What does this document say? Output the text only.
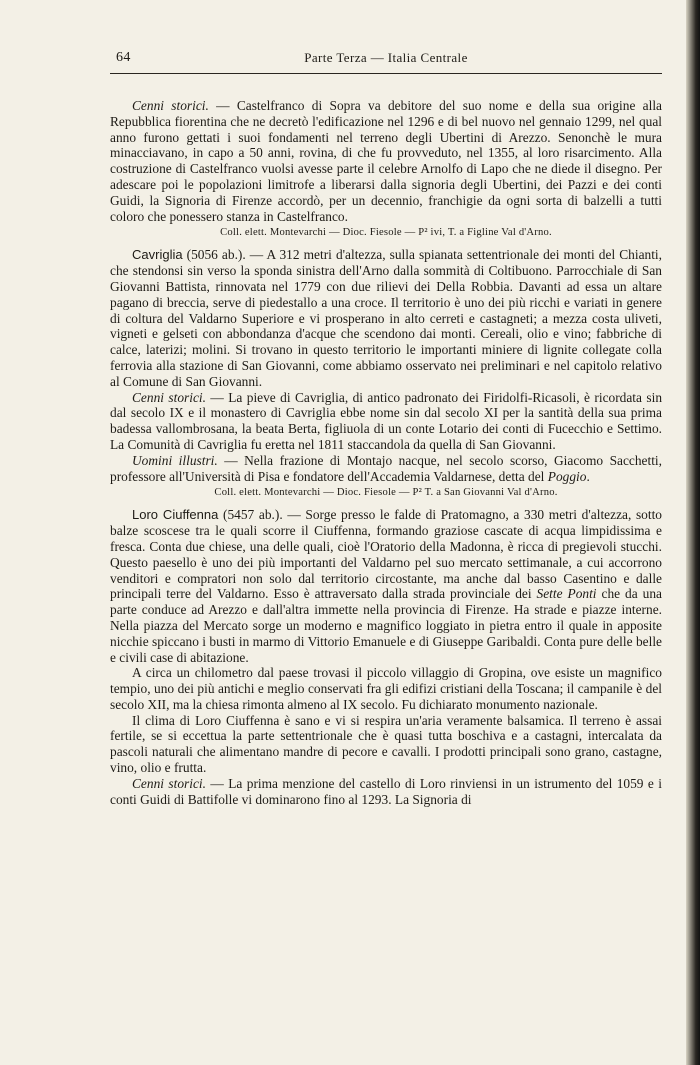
64	Parte Terza — Italia Centrale

Cenni storici. — Castelfranco di Sopra va debitore del suo nome e della sua origine alla Repubblica fiorentina che ne decretò l'edificazione nel 1296 e di bel nuovo nel gennaio 1299, nel qual anno furono gettati i suoi fondamenti nel terreno degli Ubertini di Arezzo. Senonchè le mura minacciavano, in capo a 50 anni, rovina, di che fu provveduto, nel 1355, al loro risarcimento. Alla costruzione di Castelfranco vuolsi avesse parte il celebre Arnolfo di Lapo che ne diede il disegno. Per adescare poi le popolazioni limitrofe a liberarsi dalla signoria degli Ubertini, dei Pazzi e dei conti Guidi, la Signoria di Firenze accordò, per un decennio, franchigie da ogni sorta di balzelli a tutti coloro che ponessero stanza in Castelfranco.

Coll. elett. Montevarchi — Dioc. Fiesole — P² ivi, T. a Figline Val d'Arno.

Cavriglia (5056 ab.). — A 312 metri d'altezza, sulla spianata settentrionale dei monti del Chianti, che stendonsi sin verso la sponda sinistra dell'Arno dalla sommità di Coltibuono. Parrocchiale di San Giovanni Battista, rinnovata nel 1779 con due rilievi dei Della Robbia. Davanti ad essa un altare pagano di breccia, serve di piedestallo a una croce. Il territorio è uno dei più ricchi e variati in genere di coltura del Valdarno Superiore e vi prosperano in alto cerreti e castagneti; a mezza costa uliveti, vigneti e gelseti con abbondanza d'acque che scendono dai monti. Cereali, olio e vino; fabbriche di calce, laterizi; molini. Si trovano in questo territorio le importanti miniere di lignite collegate colla ferrovia alla stazione di San Giovanni, come abbiamo osservato nei preliminari e nel capitolo relativo al Comune di San Giovanni.

Cenni storici. — La pieve di Cavriglia, di antico padronato dei Firidolfi-Ricasoli, è ricordata sin dal secolo IX e il monastero di Cavriglia ebbe nome sin dal secolo XI per la santità della sua prima badessa vallombrosana, la beata Berta, figliuola di un conte Lotario dei conti di Fucecchio e Settimo. La Comunità di Cavriglia fu eretta nel 1811 staccandola da quella di San Giovanni.

Uomini illustri. — Nella frazione di Montajo nacque, nel secolo scorso, Giacomo Sacchetti, professore all'Università di Pisa e fondatore dell'Accademia Valdarnese, detta del Poggio.

Coll. elett. Montevarchi — Dioc. Fiesole — P² T. a San Giovanni Val d'Arno.

Loro Ciuffenna (5457 ab.). — Sorge presso le falde di Pratomagno, a 330 metri d'altezza, sotto balze scoscese tra le quali scorre il Ciuffenna, formando graziose cascate di acqua limpidissima e fresca. Conta due chiese, una delle quali, cioè l'Oratorio della Madonna, è ricca di pregievoli stucchi. Questo paesello è uno dei più importanti del Valdarno pel suo mercato settimanale, a cui accorrono venditori e compratori non solo dal territorio circostante, ma anche dal basso Casentino e dalle principali terre del Valdarno. Esso è attraversato dalla strada provinciale dei Sette Ponti che da una parte conduce ad Arezzo e dall'altra immette nella provincia di Firenze. Ha strade e piazze interne. Nella piazza del Mercato sorge un moderno e magnifico loggiato in pietra entro il quale in apposite nicchie spiccano i busti in marmo di Vittorio Emanuele e di Giuseppe Garibaldi. Conta pure delle belle e civili case di abitazione.

A circa un chilometro dal paese trovasi il piccolo villaggio di Gropina, ove esiste un magnifico tempio, uno dei più antichi e meglio conservati fra gli edifizi cristiani della Toscana; il campanile è del secolo XII, ma la chiesa rimonta almeno al IX secolo. Fu dichiarato monumento nazionale.

Il clima di Loro Ciuffenna è sano e vi si respira un'aria veramente balsamica. Il terreno è assai fertile, se si eccettua la parte settentrionale che è quasi tutta boschiva e a castagni, intercalata da pascoli naturali che alimentano mandre di pecore e cavalli. I prodotti principali sono grano, castagne, vino, olio e frutta.

Cenni storici. — La prima menzione del castello di Loro rinviensi in un istrumento del 1059 e i conti Guidi di Battifolle vi dominarono fino al 1293. La Signoria di
